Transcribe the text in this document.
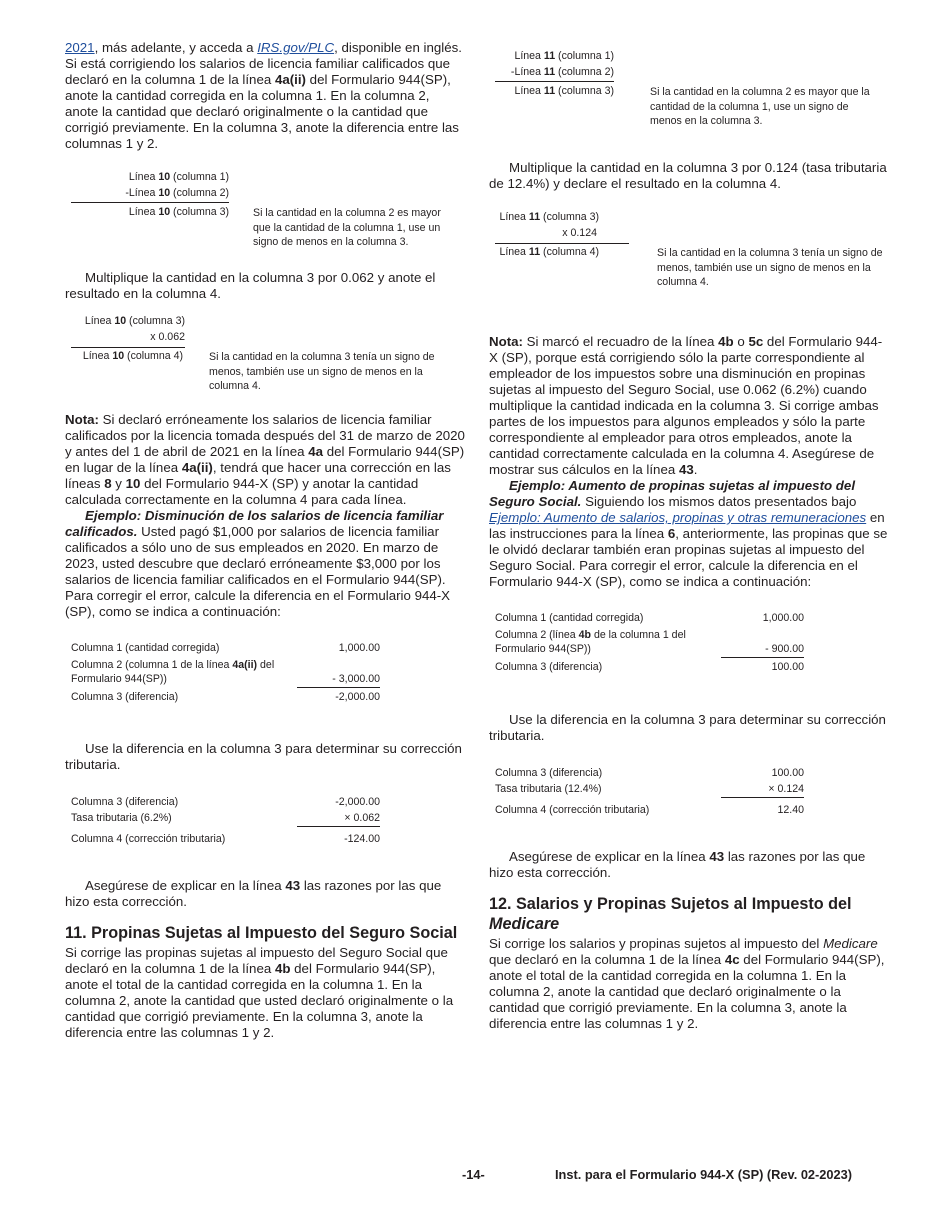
2021, más adelante, y acceda a IRS.gov/PLC, disponible en inglés. Si está corrigiendo los salarios de licencia familiar calificados que declaró en la columna 1 de la línea 4a(ii) del Formulario 944(SP), anote la cantidad corregida en la columna 1. En la columna 2, anote la cantidad que declaró originalmente o la cantidad que corrigió previamente. En la columna 3, anote la diferencia entre las columnas 1 y 2.

Línea 10 (columna 1)
-Línea 10 (columna 2)
Línea 10 (columna 3) Si la cantidad en la columna 2 es mayor que la cantidad de la columna 1, use un signo de menos en la columna 3.

Multiplique la cantidad en la columna 3 por 0.062 y anote el resultado en la columna 4.

Línea 10 (columna 3)
x 0.062
Línea 10 (columna 4) Si la cantidad en la columna 3 tenía un signo de menos, también use un signo de menos en la columna 4.

Nota: Si declaró erróneamente los salarios de licencia familiar calificados por la licencia tomada después del 31 de marzo de 2020 y antes del 1 de abril de 2021 en la línea 4a del Formulario 944(SP) en lugar de la línea 4a(ii), tendrá que hacer una corrección en las líneas 8 y 10 del Formulario 944-X (SP) y anotar la cantidad calculada correctamente en la columna 4 para cada línea.

Ejemplo: Disminución de los salarios de licencia familiar calificados. Usted pagó $1,000 por salarios de licencia familiar calificados a sólo uno de sus empleados en 2020. En marzo de 2023, usted descubre que declaró erróneamente $3,000 por los salarios de licencia familiar calificados en el Formulario 944(SP). Para corregir el error, calcule la diferencia en el Formulario 944-X (SP), como se indica a continuación:

Columna 1 (cantidad corregida)	1,000.00
Columna 2 (columna 1 de la línea 4a(ii) del Formulario 944(SP))	- 3,000.00
Columna 3 (diferencia)	-2,000.00

Use la diferencia en la columna 3 para determinar su corrección tributaria.

Columna 3 (diferencia)	-2,000.00
Tasa tributaria (6.2%)	× 0.062
Columna 4 (corrección tributaria)	-124.00

Asegúrese de explicar en la línea 43 las razones por las que hizo esta corrección.

11. Propinas Sujetas al Impuesto del Seguro Social

Si corrige las propinas sujetas al impuesto del Seguro Social que declaró en la columna 1 de la línea 4b del Formulario 944(SP), anote el total de la cantidad corregida en la columna 1. En la columna 2, anote la cantidad que usted declaró originalmente o la cantidad que corrigió previamente. En la columna 3, anote la diferencia entre las columnas 1 y 2.

Línea 11 (columna 1)
-Línea 11 (columna 2)
Línea 11 (columna 3)	Si la cantidad en la columna 2 es mayor que la cantidad de la columna 1, use un signo de menos en la columna 3.

Multiplique la cantidad en la columna 3 por 0.124 (tasa tributaria de 12.4%) y declare el resultado en la columna 4.

Línea 11 (columna 3)
x 0.124
Línea 11 (columna 4)	Si la cantidad en la columna 3 tenía un signo de menos, también use un signo de menos en la columna 4.

Nota: Si marcó el recuadro de la línea 4b o 5c del Formulario 944-X (SP), porque está corrigiendo sólo la parte correspondiente al empleador de los impuestos sobre una disminución en propinas sujetas al impuesto del Seguro Social, use 0.062 (6.2%) cuando multiplique la cantidad indicada en la columna 3. Si corrige ambas partes de los impuestos para algunos empleados y sólo la parte correspondiente al empleador para otros empleados, anote la cantidad correctamente calculada en la columna 4. Asegúrese de mostrar sus cálculos en la línea 43.

Ejemplo: Aumento de propinas sujetas al impuesto del Seguro Social. Siguiendo los mismos datos presentados bajo Ejemplo: Aumento de salarios, propinas y otras remuneraciones en las instrucciones para la línea 6, anteriormente, las propinas que se le olvidó declarar también eran propinas sujetas al impuesto del Seguro Social. Para corregir el error, calcule la diferencia en el Formulario 944-X (SP), como se indica a continuación:

Columna 1 (cantidad corregida)	1,000.00
Columna 2 (línea 4b de la columna 1 del Formulario 944(SP))	- 900.00
Columna 3 (diferencia)	100.00

Use la diferencia en la columna 3 para determinar su corrección tributaria.

Columna 3 (diferencia)	100.00
Tasa tributaria (12.4%)	× 0.124
Columna 4 (corrección tributaria)	12.40

Asegúrese de explicar en la línea 43 las razones por las que hizo esta corrección.

12. Salarios y Propinas Sujetos al Impuesto del Medicare

Si corrige los salarios y propinas sujetos al impuesto del Medicare que declaró en la columna 1 de la línea 4c del Formulario 944(SP), anote el total de la cantidad corregida en la columna 1. En la columna 2, anote la cantidad que declaró originalmente o la cantidad que corrigió previamente. En la columna 3, anote la diferencia entre las columnas 1 y 2.

-14-	Inst. para el Formulario 944-X (SP) (Rev. 02-2023)
